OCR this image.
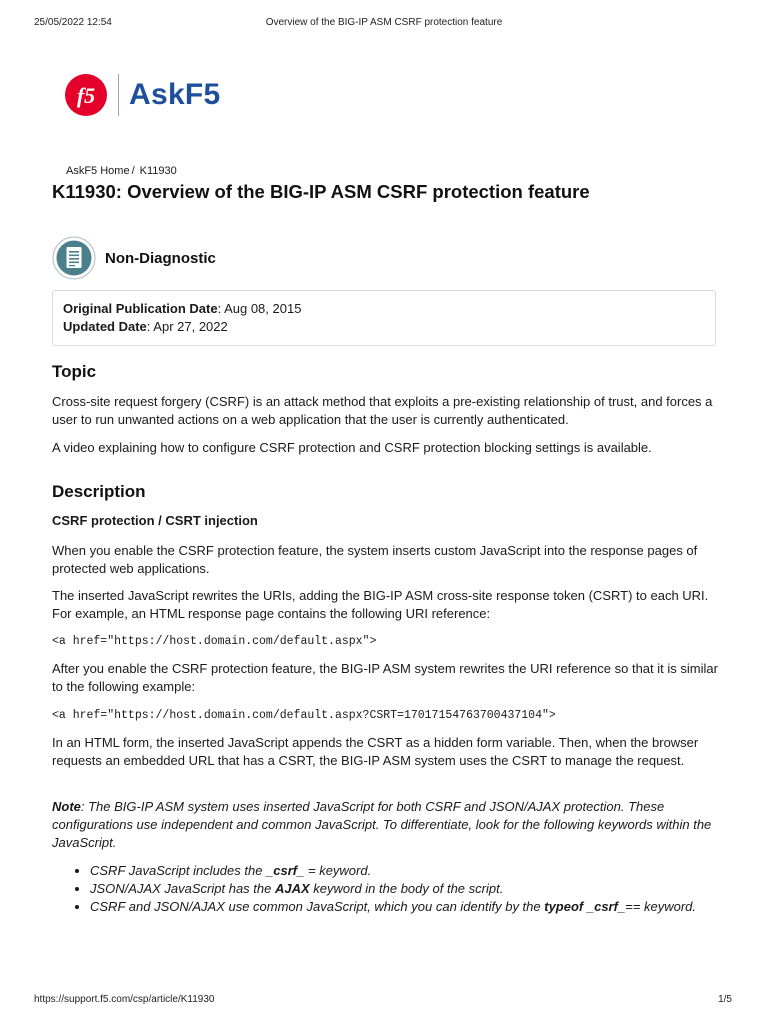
25/05/2022 12:54	Overview of the BIG-IP ASM CSRF protection feature
f5 AskF5
AskF5 Home / K11930
K11930: Overview of the BIG-IP ASM CSRF protection feature
Non-Diagnostic
Original Publication Date: Aug 08, 2015
Updated Date: Apr 27, 2022
Topic

Cross-site request forgery (CSRF) is an attack method that exploits a pre-existing relationship of trust, and forces a user to run unwanted actions on a web application that the user is currently authenticated.

A video explaining how to configure CSRF protection and CSRF protection blocking settings is available.

Description
CSRF protection / CSRT injection

When you enable the CSRF protection feature, the system inserts custom JavaScript into the response pages of protected web applications.

The inserted JavaScript rewrites the URIs, adding the BIG-IP ASM cross-site response token (CSRT) to each URI. For example, an HTML response page contains the following URI reference:

<a href="https://host.domain.com/default.aspx">

After you enable the CSRF protection feature, the BIG-IP ASM system rewrites the URI reference so that it is similar to the following example:

<a href="https://host.domain.com/default.aspx?CSRT=17017154763700437104">

In an HTML form, the inserted JavaScript appends the CSRT as a hidden form variable. Then, when the browser requests an embedded URL that has a CSRT, the BIG-IP ASM system uses the CSRT to manage the request.

Note: The BIG-IP ASM system uses inserted JavaScript for both CSRF and JSON/AJAX protection. These configurations use independent and common JavaScript. To differentiate, look for the following keywords within the JavaScript.

• CSRF JavaScript includes the _csrf_ = keyword.
• JSON/AJAX JavaScript has the AJAX keyword in the body of the script.
• CSRF and JSON/AJAX use common JavaScript, which you can identify by the typeof _csrf_== keyword.
https://support.f5.com/csp/article/K11930	1/5
